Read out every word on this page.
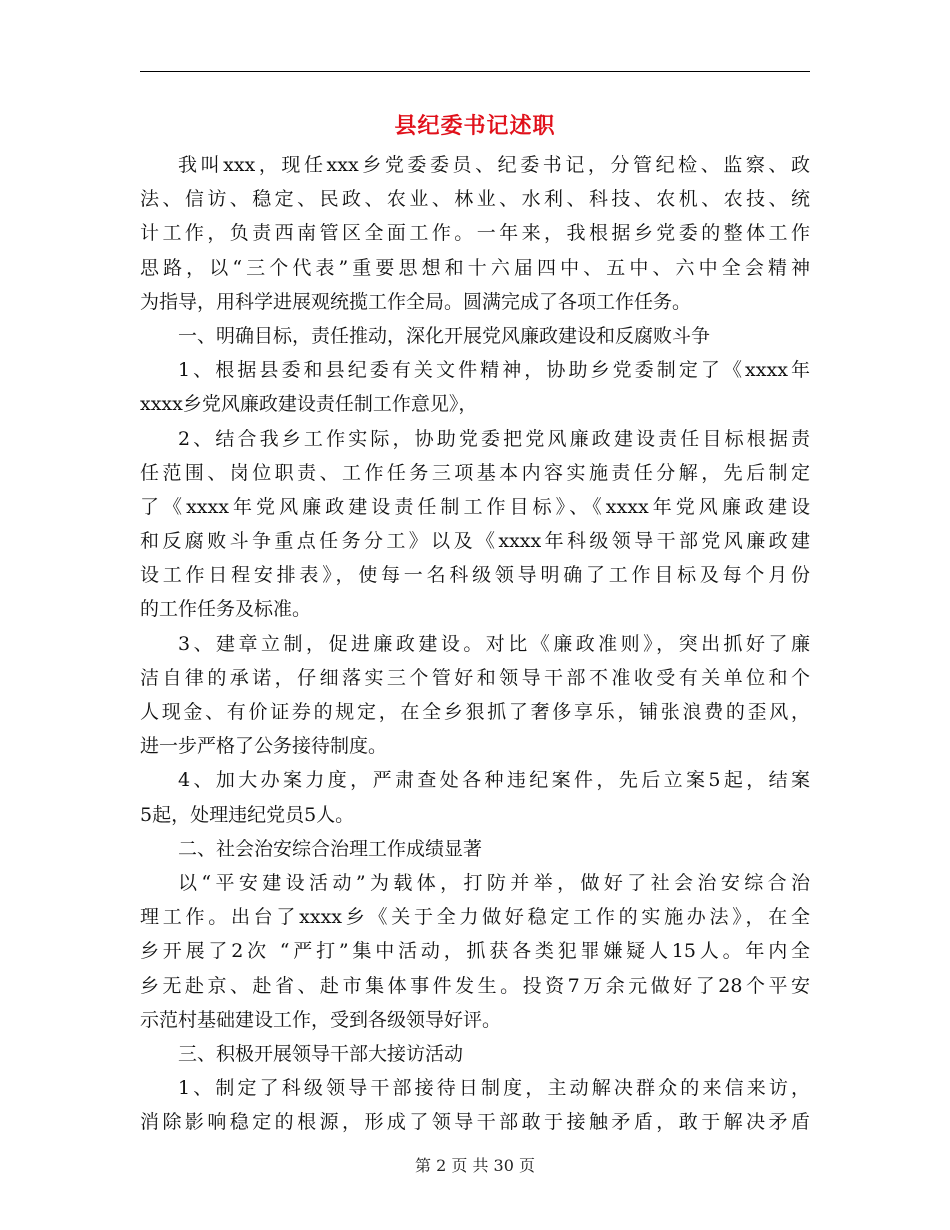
县纪委书记述职
我叫xxx，现任xxx乡党委委员、纪委书记，分管纪检、监察、政
法、信访、稳定、民政、农业、林业、水利、科技、农机、农技、统
计工作，负责西南管区全面工作。一年来，我根据乡党委的整体工作
思路，以“三个代表”重要思想和十六届四中、五中、六中全会精神
为指导，用科学进展观统揽工作全局。圆满完成了各项工作任务。
一、明确目标，责任推动，深化开展党风廉政建设和反腐败斗争
1、根据县委和县纪委有关文件精神，协助乡党委制定了《xxxx年
xxxx乡党风廉政建设责任制工作意见》，
2、结合我乡工作实际，协助党委把党风廉政建设责任目标根据责
任范围、岗位职责、工作任务三项基本内容实施责任分解，先后制定
了《xxxx年党风廉政建设责任制工作目标》、《xxxx年党风廉政建设
和反腐败斗争重点任务分工》以及《xxxx年科级领导干部党风廉政建
设工作日程安排表》，使每一名科级领导明确了工作目标及每个月份
的工作任务及标准。
3、建章立制，促进廉政建设。对比《廉政准则》，突出抓好了廉
洁自律的承诺，仔细落实三个管好和领导干部不准收受有关单位和个
人现金、有价证券的规定，在全乡狠抓了奢侈享乐，铺张浪费的歪风，
进一步严格了公务接待制度。
4、加大办案力度，严肃查处各种违纪案件，先后立案5起，结案
5起，处理违纪党员5人。
二、社会治安综合治理工作成绩显著
以“平安建设活动”为载体，打防并举，做好了社会治安综合治
理工作。出台了xxxx乡《关于全力做好稳定工作的实施办法》，在全
乡开展了2次 “严打”集中活动，抓获各类犯罪嫌疑人15人。年内全
乡无赴京、赴省、赴市集体事件发生。投资7万余元做好了28个平安
示范村基础建设工作，受到各级领导好评。
三、积极开展领导干部大接访活动
1、制定了科级领导干部接待日制度，主动解决群众的来信来访，
消除影响稳定的根源，形成了领导干部敢于接触矛盾，敢于解决矛盾
第 2 页 共 30 页
